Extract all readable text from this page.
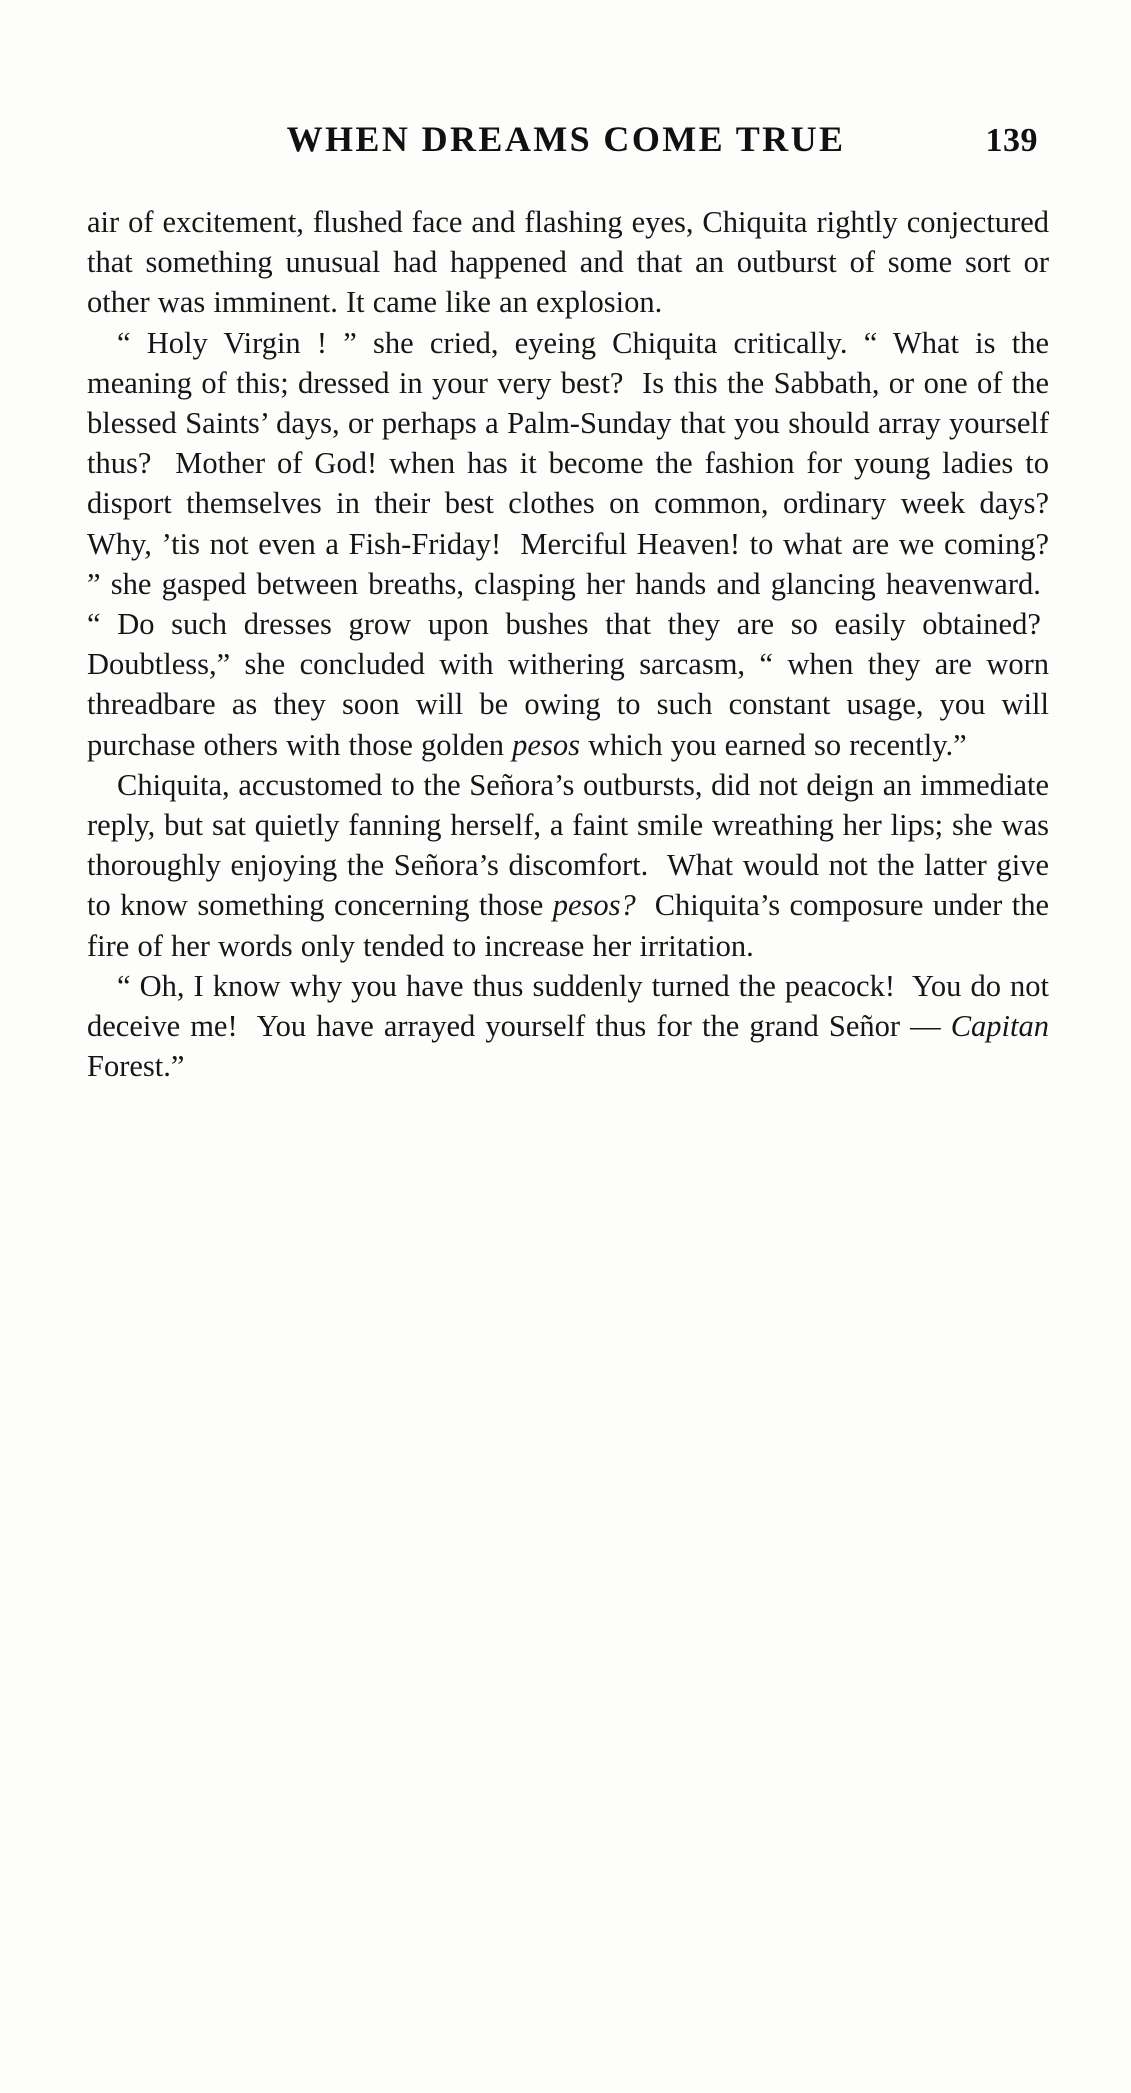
WHEN DREAMS COME TRUE	139

air of excitement, flushed face and flashing eyes, Chiquita rightly conjectured that something unusual had happened and that an outburst of some sort or other was imminent. It came like an explosion.

“ Holy Virgin ! ” she cried, eyeing Chiquita critically. “ What is the meaning of this; dressed in your very best?  Is this the Sabbath, or one of the blessed Saints’ days, or perhaps a Palm-Sunday that you should array yourself thus?  Mother of God! when has it become the fashion for young ladies to disport themselves in their best clothes on common, ordinary week days? Why, ’tis not even a Fish-Friday!  Merciful Heaven! to what are we coming? ” she gasped between breaths, clasping her hands and glancing heavenward.  “ Do such dresses grow upon bushes that they are so easily obtained?  Doubtless,” she concluded with withering sarcasm, “ when they are worn threadbare as they soon will be owing to such constant usage, you will purchase others with those golden pesos which you earned so recently.”

Chiquita, accustomed to the Señora’s outbursts, did not deign an immediate reply, but sat quietly fanning herself, a faint smile wreathing her lips; she was thoroughly enjoying the Señora’s discomfort.  What would not the latter give to know something concerning those pesos?  Chiquita’s composure under the fire of her words only tended to increase her irritation.

“ Oh, I know why you have thus suddenly turned the peacock!  You do not deceive me!  You have arrayed yourself thus for the grand Señor — Capitan Forest.”
